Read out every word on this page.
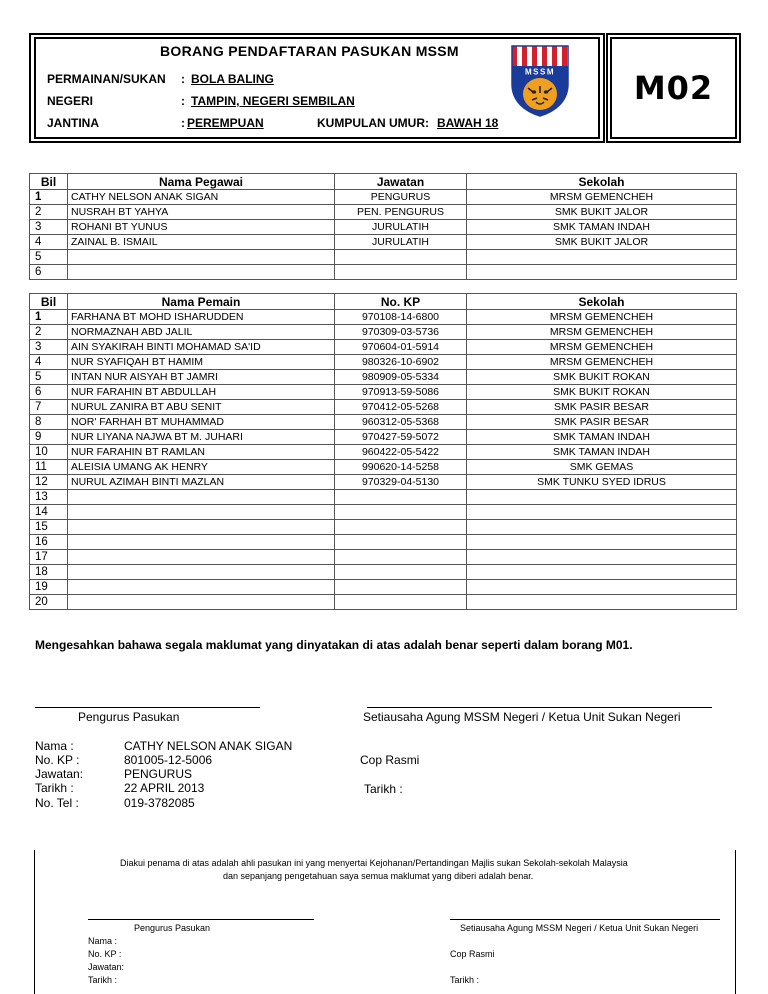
M02
BORANG PENDAFTARAN PASUKAN MSSM
PERMAINAN/SUKAN : BOLA BALING
NEGERI	: TAMPIN, NEGERI SEMBILAN
JANTINA	: PEREMPUAN	KUMPULAN UMUR: BAWAH 18
MSSM
Bil	Nama Pegawai	Jawatan	Sekolah
1	CATHY NELSON ANAK SIGAN	PENGURUS	MRSM GEMENCHEH
2	NUSRAH BT YAHYA	PEN. PENGURUS	SMK BUKIT JALOR
3	ROHANI BT YUNUS	JURULATIH	SMK TAMAN INDAH
4	ZAINAL B. ISMAIL	JURULATIH	SMK BUKIT JALOR
5			
6			
Bil	Nama Pemain	No. KP	Sekolah
1	FARHANA BT MOHD ISHARUDDEN	970108-14-6800	MRSM GEMENCHEH
2	NORMAZNAH ABD JALIL	970309-03-5736	MRSM GEMENCHEH
3	AIN SYAKIRAH BINTI MOHAMAD SA'ID	970604-01-5914	MRSM GEMENCHEH
4	NUR SYAFIQAH BT HAMIM	980326-10-6902	MRSM GEMENCHEH
5	INTAN NUR AISYAH BT JAMRI	980909-05-5334	SMK BUKIT ROKAN
6	NUR FARAHIN BT ABDULLAH	970913-59-5086	SMK BUKIT ROKAN
7	NURUL ZANIRA BT ABU SENIT	970412-05-5268	SMK PASIR BESAR
8	NOR' FARHAH BT MUHAMMAD	960312-05-5368	SMK PASIR BESAR
9	NUR LIYANA NAJWA BT M. JUHARI	970427-59-5072	SMK TAMAN INDAH
10	NUR FARAHIN BT RAMLAN	960422-05-5422	SMK TAMAN INDAH
11	ALEISIA UMANG AK HENRY	990620-14-5258	SMK GEMAS
12	NURUL AZIMAH BINTI MAZLAN	970329-04-5130	SMK TUNKU SYED IDRUS
13			
14			
15			
16			
17			
18			
19			
20			
Mengesahkan bahawa segala maklumat yang dinyatakan di atas adalah benar seperti dalam borang M01.
Pengurus Pasukan	Setiausaha Agung MSSM Negeri / Ketua Unit Sukan Negeri
Nama :	CATHY NELSON ANAK SIGAN
No. KP :	801005-12-5006
Jawatan:	PENGURUS
Tarikh :	22 APRIL 2013
No. Tel :	019-3782085
Cop Rasmi
Tarikh :
Diakui penama di atas adalah ahli pasukan ini yang menyertai Kejohanan/Pertandingan Majlis sukan Sekolah-sekolah Malaysia
dan sepanjang pengetahuan saya semua maklumat yang diberi adalah benar.
Pengurus Pasukan	Setiausaha Agung MSSM Negeri / Ketua Unit Sukan Negeri
Nama :
No. KP :
Jawatan:
Tarikh :
Cop Rasmi
Tarikh :
